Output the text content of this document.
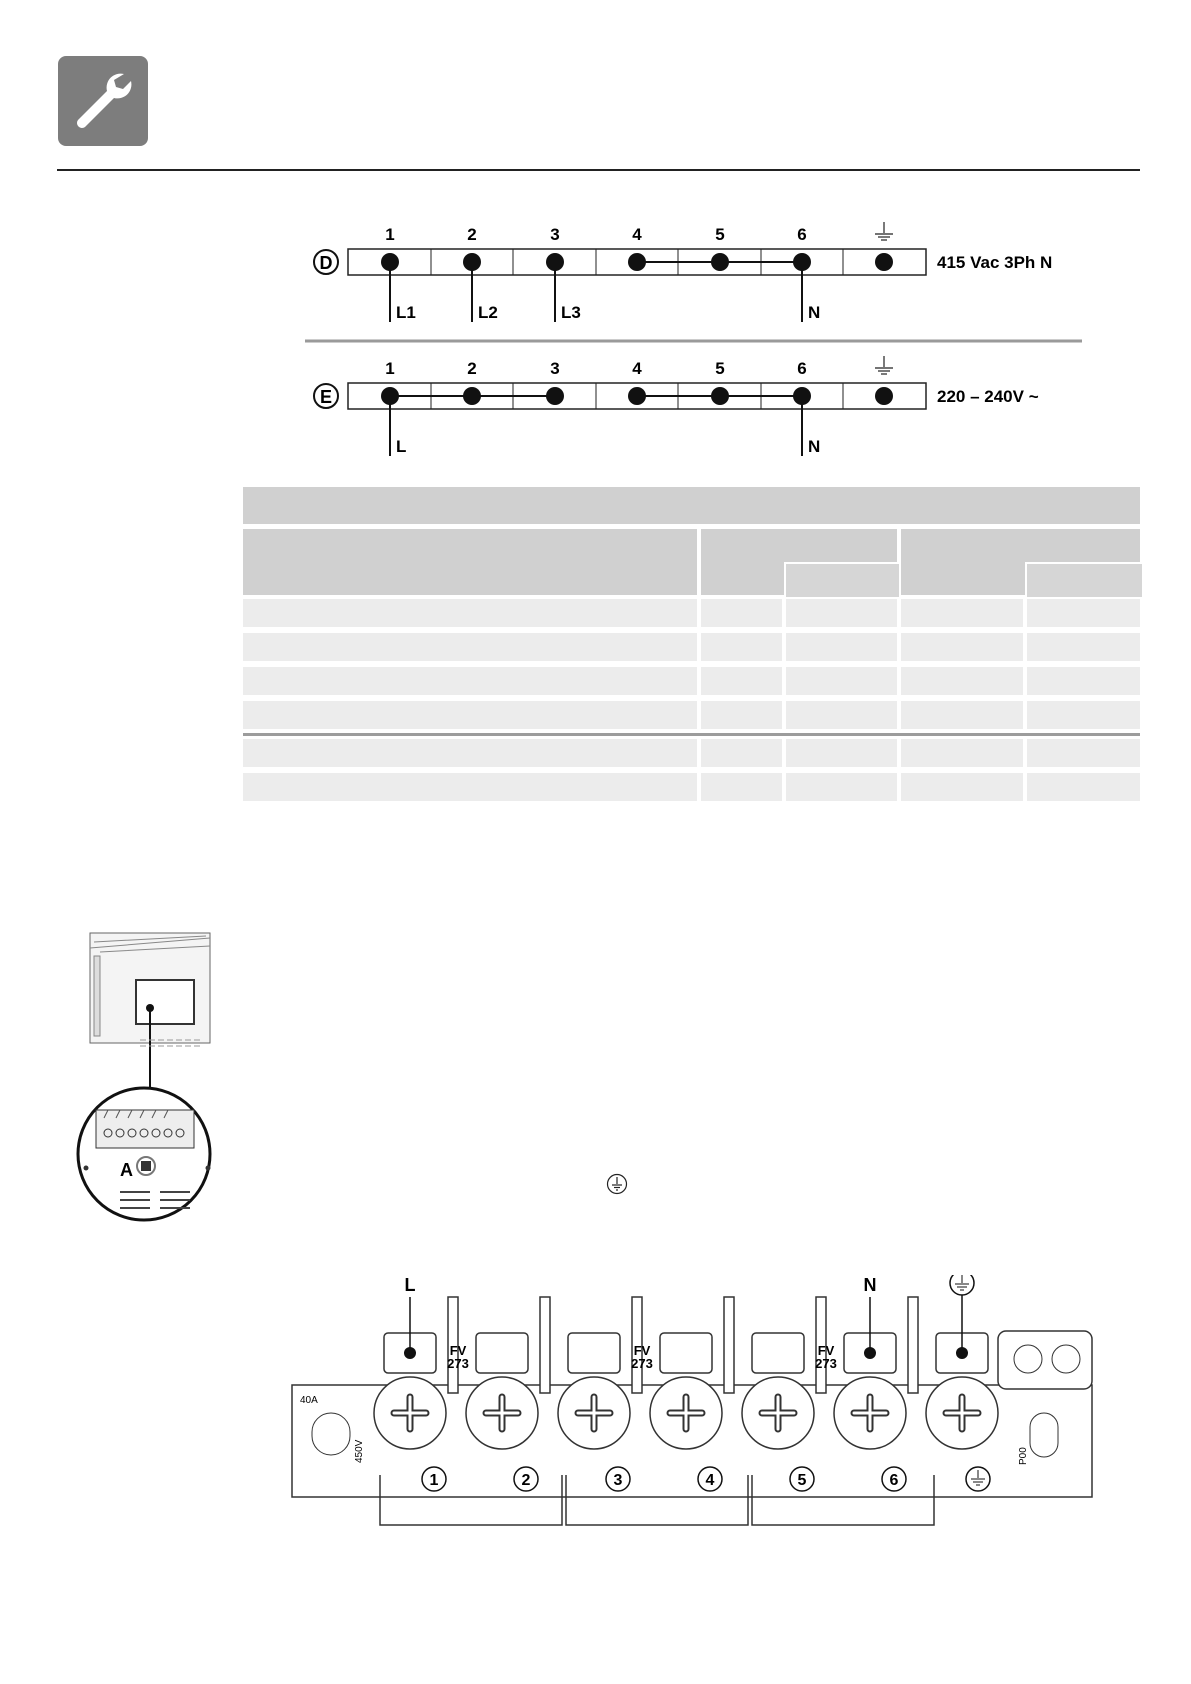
D
1	2	3	4	5	6
L1	L2	L3	N
415 Vac 3Ph N
E
1	2	3	4	5	6
L	N
220 – 240V ~
A
40A
450V	P00
FV
273
FV
273
FV
273
1	2	3	4	5	6
L	N
